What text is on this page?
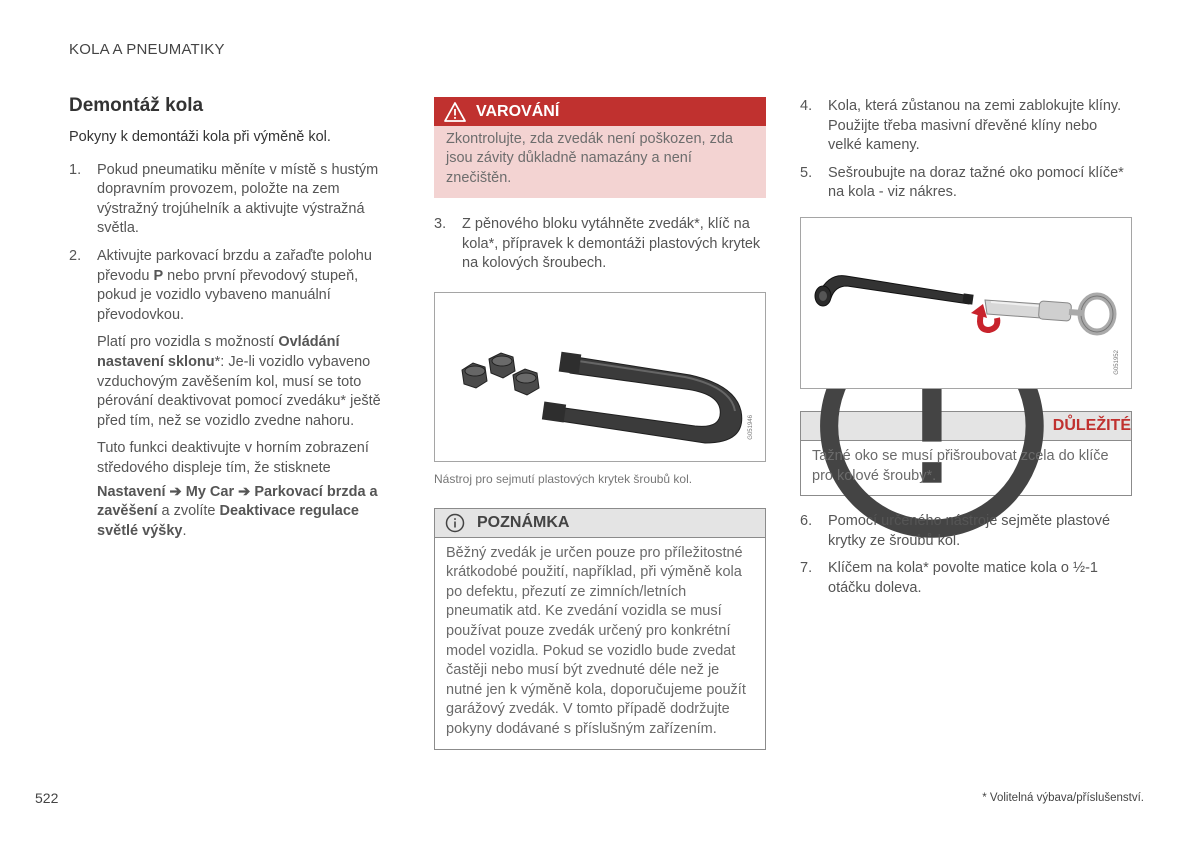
KOLA A PNEUMATIKY
Demontáž kola
Pokyny k demontáži kola při výměně kol.
1. Pokud pneumatiku měníte v místě s hustým dopravním provozem, položte na zem výstražný trojúhelník a aktivujte výstražná světla.
2. Aktivujte parkovací brzdu a zařaďte polohu převodu P nebo první převodový stupeň, pokud je vozidlo vybaveno manuální převodovkou.
Platí pro vozidla s možností Ovládání nastavení sklonu*: Je-li vozidlo vybaveno vzduchovým zavěšením kol, musí se toto pérování deaktivovat pomocí zvedáku* ještě před tím, než se vozidlo zvedne nahoru.
Tuto funkci deaktivujte v horním zobrazení středového displeje tím, že stisknete
Nastavení ➔ My Car ➔ Parkovací brzda a zavěšení a zvolíte Deaktivace regulace světlé výšky.
VAROVÁNÍ
Zkontrolujte, zda zvedák není poškozen, zda jsou závity důkladně namazány a není znečištěn.
3. Z pěnového bloku vytáhněte zvedák*, klíč na kola*, přípravek k demontáži plastových krytek na kolových šroubech.
G051946
Nástroj pro sejmutí plastových krytek šroubů kol.
POZNÁMKA
Běžný zvedák je určen pouze pro příležitostné krátkodobé použití, například, při výměně kola po defektu, přezutí ze zimních/letních pneumatik atd. Ke zvedání vozidla se musí používat pouze zvedák určený pro konkrétní model vozidla. Pokud se vozidlo bude zvedat častěji nebo musí být zvednuté déle než je nutné jen k výměně kola, doporučujeme použít garážový zvedák. V tomto případě dodržujte pokyny dodávané s příslušným zařízením.
4. Kola, která zůstanou na zemi zablokujte klíny. Použijte třeba masivní dřevěné klíny nebo velké kameny.
5. Sešroubujte na doraz tažné oko pomocí klíče* na kola - viz nákres.
G051952
DŮLEŽITÉ
Tažné oko se musí přišroubovat zcela do klíče pro kolové šrouby*.
6. Pomocí určeného nástroje sejměte plastové krytky ze šroubů kol.
7. Klíčem na kola* povolte matice kola o ½-1 otáčku doleva.
522	* Volitelná výbava/příslušenství.
